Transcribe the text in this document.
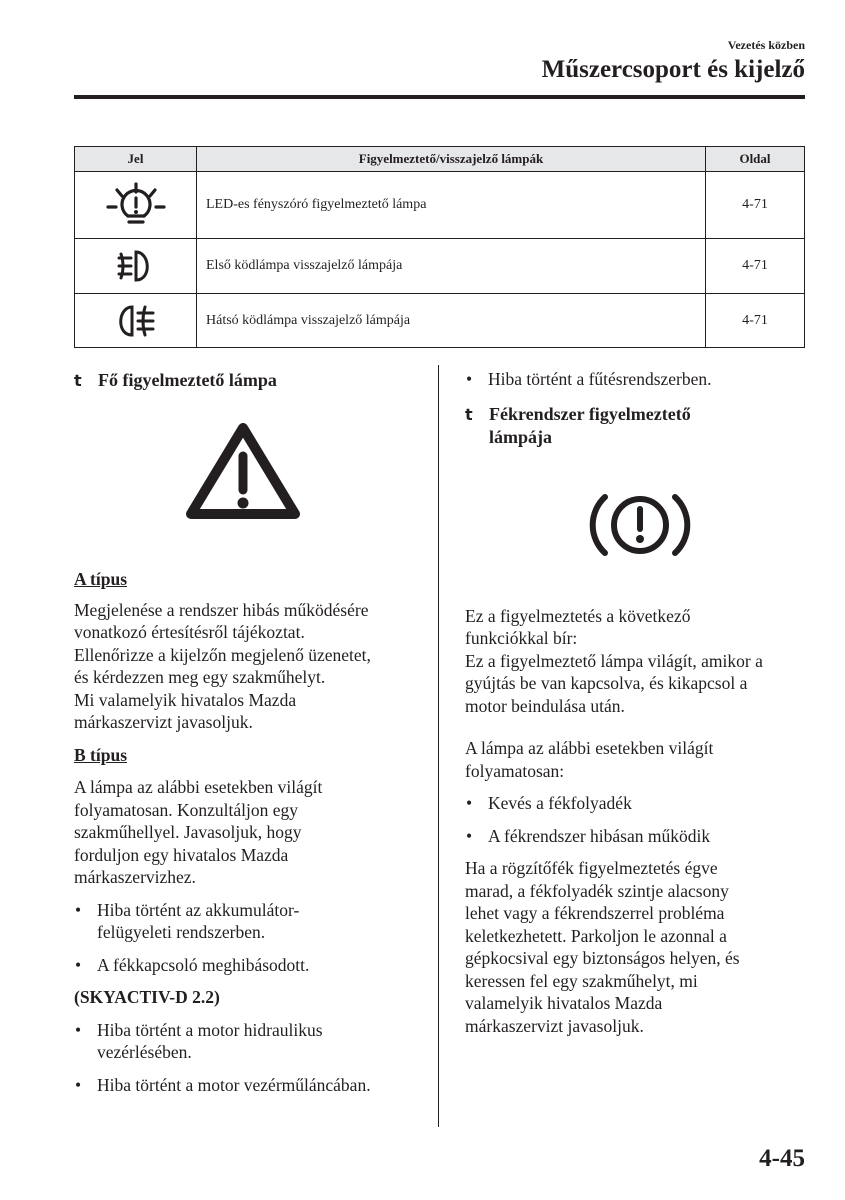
Vezetés közben
Műszercsoport és kijelző
Jel	Figyelmeztető/visszajelző lámpák	Oldal

	LED-es fényszóró figyelmeztető lámpa	4-71

	Első ködlámpa visszajelző lámpája	4-71

	Hátsó ködlámpa visszajelző lámpája	4-71
t Fő figyelmeztető lámpa

A típus

Megjelenése a rendszer hibás működésére

vonatkozó értesítésről tájékoztat.

Ellenőrizze a kijelzőn megjelenő üzenetet,

és kérdezzen meg egy szakműhelyt.

Mi valamelyik hivatalos Mazda

márkaszervizt javasoljuk.

B típus

A lámpa az alábbi esetekben világít

folyamatosan. Konzultáljon egy

szakműhellyel. Javasoljuk, hogy

forduljon egy hivatalos Mazda

márkaszervizhez.

• Hiba történt az akkumulátor-

felügyeleti rendszerben.

• A fékkapcsoló meghibásodott.

(SKYACTIV-D 2.2)

• Hiba történt a motor hidraulikus

vezérlésében.

• Hiba történt a motor vezérműláncában.

• Hiba történt a fűtésrendszerben.

t Fékrendszer figyelmeztető

lámpája

Ez a figyelmeztetés a következő

funkciókkal bír:

Ez a figyelmeztető lámpa világít, amikor a

gyújtás be van kapcsolva, és kikapcsol a

motor beindulása után.

A lámpa az alábbi esetekben világít

folyamatosan:

• Kevés a fékfolyadék

• A fékrendszer hibásan működik

Ha a rögzítőfék figyelmeztetés égve

marad, a fékfolyadék szintje alacsony

lehet vagy a fékrendszerrel probléma

keletkezhetett. Parkoljon le azonnal a

gépkocsival egy biztonságos helyen, és

keressen fel egy szakműhelyt, mi

valamelyik hivatalos Mazda

márkaszervizt javasoljuk.

4-45
